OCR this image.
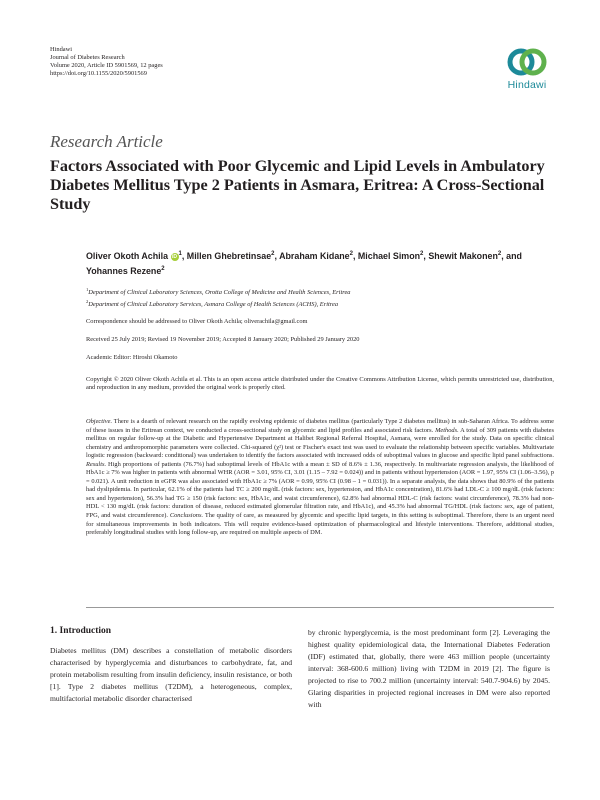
Hindawi
Journal of Diabetes Research
Volume 2020, Article ID 5901569, 12 pages
https://doi.org/10.1155/2020/5901569
Hindawi
Research Article
Factors Associated with Poor Glycemic and Lipid Levels in Ambulatory Diabetes Mellitus Type 2 Patients in Asmara, Eritrea: A Cross-Sectional Study
Oliver Okoth Achila iD $^1$, Millen Ghebretinsae$^2$, Abraham Kidane$^2$, Michael Simon$^2$, Shewit Makonen$^2$, and Yohannes Rezene$^2$
$^1$Department of Clinical Laboratory Sciences, Orotta College of Medicine and Health Sciences, Eritrea
$^2$Department of Clinical Laboratory Services, Asmara College of Health Sciences (ACHS), Eritrea
Correspondence should be addressed to Oliver Okoth Achila; oliverachila@gmail.com
Received 25 July 2019; Revised 19 November 2019; Accepted 8 January 2020; Published 29 January 2020
Academic Editor: Hiroshi Okamoto
Copyright © 2020 Oliver Okoth Achila et al. This is an open access article distributed under the Creative Commons Attribution License, which permits unrestricted use, distribution, and reproduction in any medium, provided the original work is properly cited.
Objective. There is a dearth of relevant research on the rapidly evolving epidemic of diabetes mellitus (particularly Type 2 diabetes mellitus) in sub-Saharan Africa. To address some of these issues in the Eritrean context, we conducted a cross-sectional study on glycemic and lipid profiles and associated risk factors. Methods. A total of 309 patients with diabetes mellitus on regular follow-up at the Diabetic and Hypertensive Department at Halibet Regional Referral Hospital, Asmara, were enrolled for the study. Data on specific clinical chemistry and anthropomorphic parameters were collected. Chi-squared (χ²) test or Fischer's exact test was used to evaluate the relationship between specific variables. Multivariate logistic regression (backward: conditional) was undertaken to identify the factors associated with increased odds of suboptimal values in glucose and specific lipid panel subfractions. Results. High proportions of patients (76.7%) had suboptimal levels of HbA1c with a mean ± SD of 8.6% ± 1.36, respectively. In multivariate regression analysis, the likelihood of HbA1c ≥ 7% was higher in patients with abnormal WHR (AOR = 3.01, 95% CI, 3.01 (1.15 – 7.92 = 0.024)) and in patients without hypertension (AOR = 1.97, 95% CI (1.06–3.56), p = 0.021). A unit reduction in eGFR was also associated with HbA1c ≥ 7% (AOR = 0.99, 95% CI (0.98 – 1 = 0.031)). In a separate analysis, the data shows that 80.9% of the patients had dyslipidemia. In particular, 62.1% of the patients had TC ≥ 200 mg/dL (risk factors: sex, hypertension, and HbA1c concentration), 81.6% had LDL-C ≥ 100 mg/dL (risk factors: sex and hypertension), 56.3% had TG ≥ 150 (risk factors: sex, HbA1c, and waist circumference), 62.8% had abnormal HDL-C (risk factors: waist circumference), 78.3% had non-HDL < 130 mg/dL (risk factors: duration of disease, reduced estimated glomerular filtration rate, and HbA1c), and 45.3% had abnormal TG/HDL (risk factors: sex, age of patient, FPG, and waist circumference). Conclusions. The quality of care, as measured by glycemic and specific lipid targets, in this setting is suboptimal. Therefore, there is an urgent need for simultaneous improvements in both indicators. This will require evidence-based optimization of pharmacological and lifestyle interventions. Therefore, additional studies, preferably longitudinal studies with long follow-up, are required on multiple aspects of DM.
1. Introduction
Diabetes mellitus (DM) describes a constellation of metabolic disorders characterised by hyperglycemia and disturbances to carbohydrate, fat, and protein metabolism resulting from insulin deficiency, insulin resistance, or both [1]. Type 2 diabetes mellitus (T2DM), a heterogeneous, complex, multifactorial metabolic disorder characterised
by chronic hyperglycemia, is the most predominant form [2]. Leveraging the highest quality epidemiological data, the International Diabetes Federation (IDF) estimated that, globally, there were 463 million people (uncertainty interval: 368-600.6 million) living with T2DM in 2019 [2]. The figure is projected to rise to 700.2 million (uncertainty interval: 540.7-904.6) by 2045. Glaring disparities in projected regional increases in DM were also reported with
